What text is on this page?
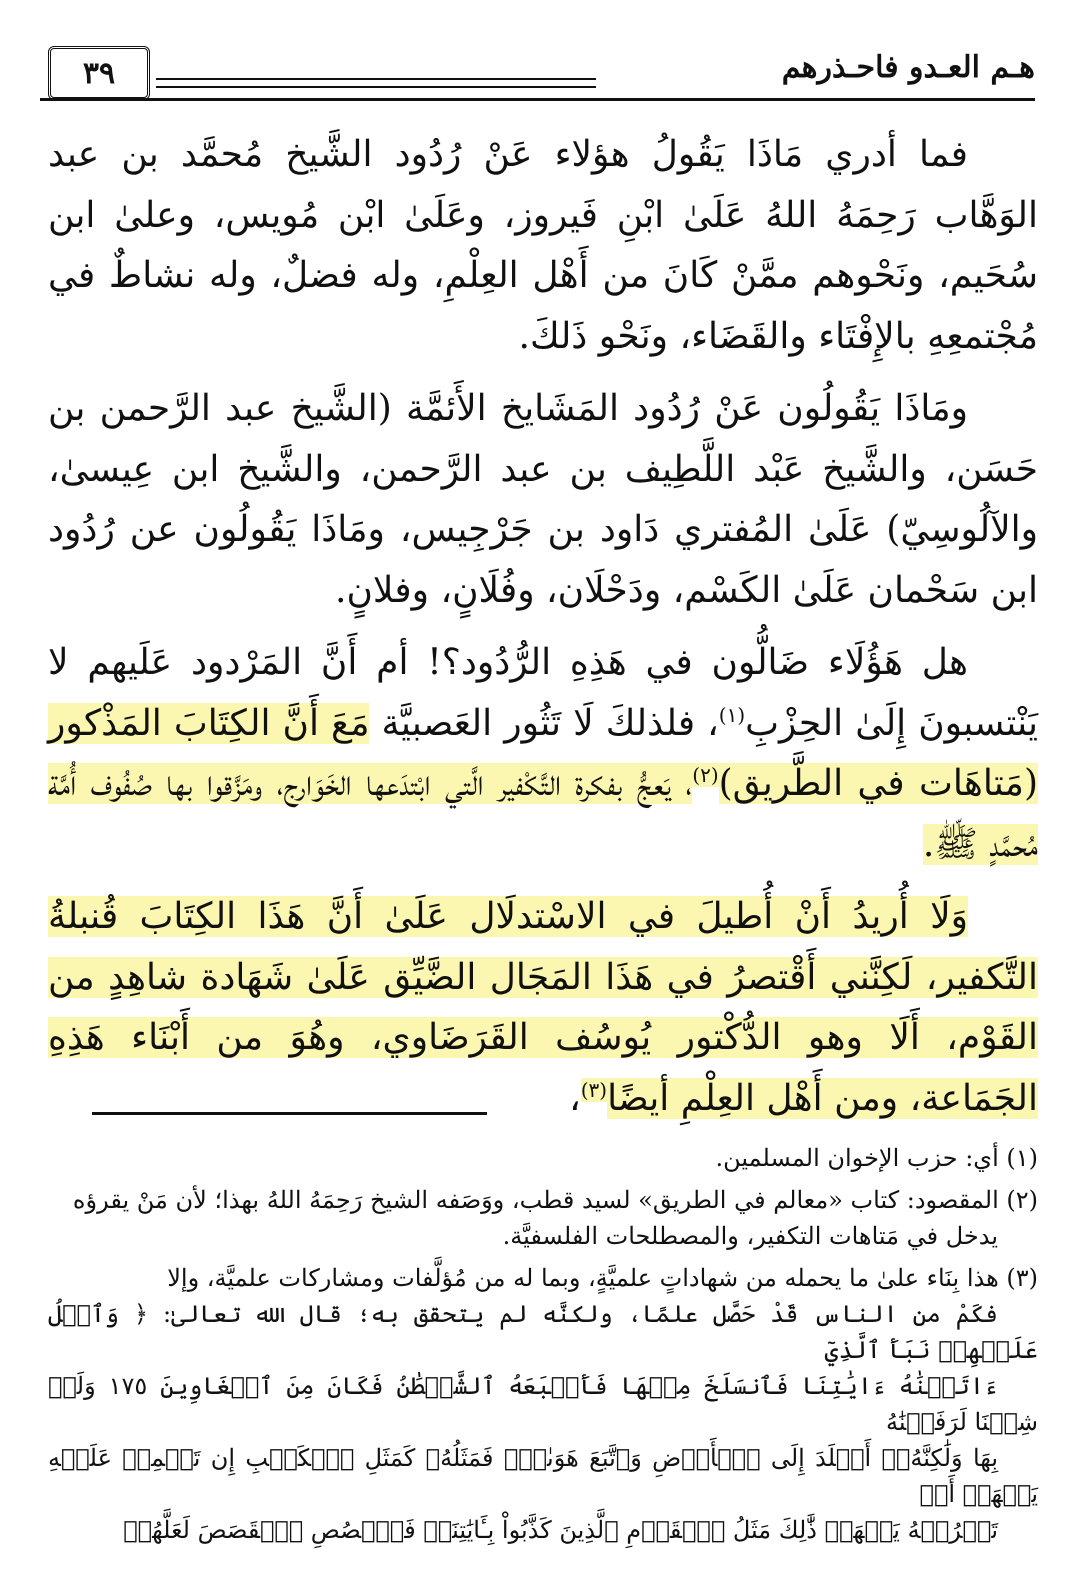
٣٩	هـم العـدو فاحـذرهم

فما أدري مَاذَا يَقُولُ هؤلاء عَنْ رُدُود الشَّيخ مُحمَّد بن عبد الوَهَّاب رَحِمَهُ اللهُ عَلَىٰ ابْنِ فَيروز، وعَلَىٰ ابْن مُويس، وعلىٰ ابن سُحَيم، ونَحْوهم ممَّنْ كَانَ من أَهْل العِلْمِ، وله فضلٌ، وله نشاطٌ في مُجْتمعِهِ بالإِفْتَاء والقَضَاء، ونَحْو ذَلكَ.

ومَاذَا يَقُولُون عَنْ رُدُود المَشَايخ الأَئمَّة (الشَّيخ عبد الرَّحمن بن حَسَن، والشَّيخ عَبْد اللَّطِيف بن عبد الرَّحمن، والشَّيخ ابن عِيسىٰ، والآلُوسِيّ) عَلَىٰ المُفتري دَاود بن جَرْجِيس، ومَاذَا يَقُولُون عن رُدُود ابن سَحْمان عَلَىٰ الكَسْم، ودَحْلَان، وفُلَانٍ، وفلانٍ.

هل هَؤُلَاء ضَالُّون في هَذِهِ الرُّدُود؟! أم أَنَّ المَرْدود عَلَيهم لا يَنْتسبونَ إِلَىٰ الحِزْبِ$^{(١)}$، فلذلكَ لَا تَثُور العَصبيَّة مَعَ أَنَّ الكِتَابَ المَذْكور (مَتاهَات في الطَّريق)$^{(٢)}$، يَعجُّ بفكرة التَّكْفير الَّتي ابْتدَعها الخَوَارج، ومَزَّقوا بها صُفُوف أُمَّة مُحمَّدٍ ﷺ.

وَلَا أُريدُ أَنْ أُطيلَ في الاسْتدلَال عَلَىٰ أَنَّ هَذَا الكِتَابَ قُنبلةُ التَّكفير، لَكِنَّني أَقْتصرُ في هَذَا المَجَال الضَّيِّق عَلَىٰ شَهَادة شاهِدٍ من القَوْم، أَلَا وهو الدُّكْتور يُوسُف القَرَضَاوي، وهُوَ من أَبْنَاء هَذِهِ الجَمَاعة، ومن أَهْل العِلْمِ أيضًا$^{(٣)}$،

(١) أي: حزب الإخوان المسلمين.

(٢) المقصود: كتاب «معالم في الطريق» لسيد قطب، ووَصَفه الشيخ رَحِمَهُ اللهُ بهذا؛ لأن مَنْ يقرؤه
يدخل في مَتاهات التكفير، والمصطلحات الفلسفيَّة.

(٣) هذا بِنَاء علىٰ ما يحمله من شهاداتٍ علميَّةٍ، وبما له من مُؤلَّفات ومشاركات علميَّة، وإلا
فكَمْ من الناس قَدْ حَصَّل علمًا، ولكنَّه لم يتحقق به؛ قال الله تعالىٰ: ﴿ وَٱتۡلُ عَلَيۡهِمۡ نَبَأَ ٱلَّذِيٓ
ءَاتَيۡنَٰهُ ءَايَٰتِنَا فَٱنسَلَخَ مِنۡهَا فَأَتۡبَعَهُ ٱلشَّيۡطَٰنُ فَكَانَ مِنَ ٱلۡغَاوِينَ ١٧٥ وَلَوۡ شِئۡنَا لَرَفَعۡنَٰهُ
بِهَا وَلَٰكِنَّهُۥٓ أَخۡلَدَ إِلَى ٱلۡأَرۡضِ وَٱتَّبَعَ هَوَىٰهُۚ فَمَثَلُهُۥ كَمَثَلِ ٱلۡكَلۡبِ إِن تَحۡمِلۡ عَلَيۡهِ يَلۡهَثۡ أَوۡ
تَتۡرُكۡهُ يَلۡهَثۚ ذَّٰلِكَ مَثَلُ ٱلۡقَوۡمِ ٱلَّذِينَ كَذَّبُواْ بِـَٔايَٰتِنَاۚ فَٱقۡصُصِ ٱلۡقَصَصَ لَعَلَّهُمۡ
